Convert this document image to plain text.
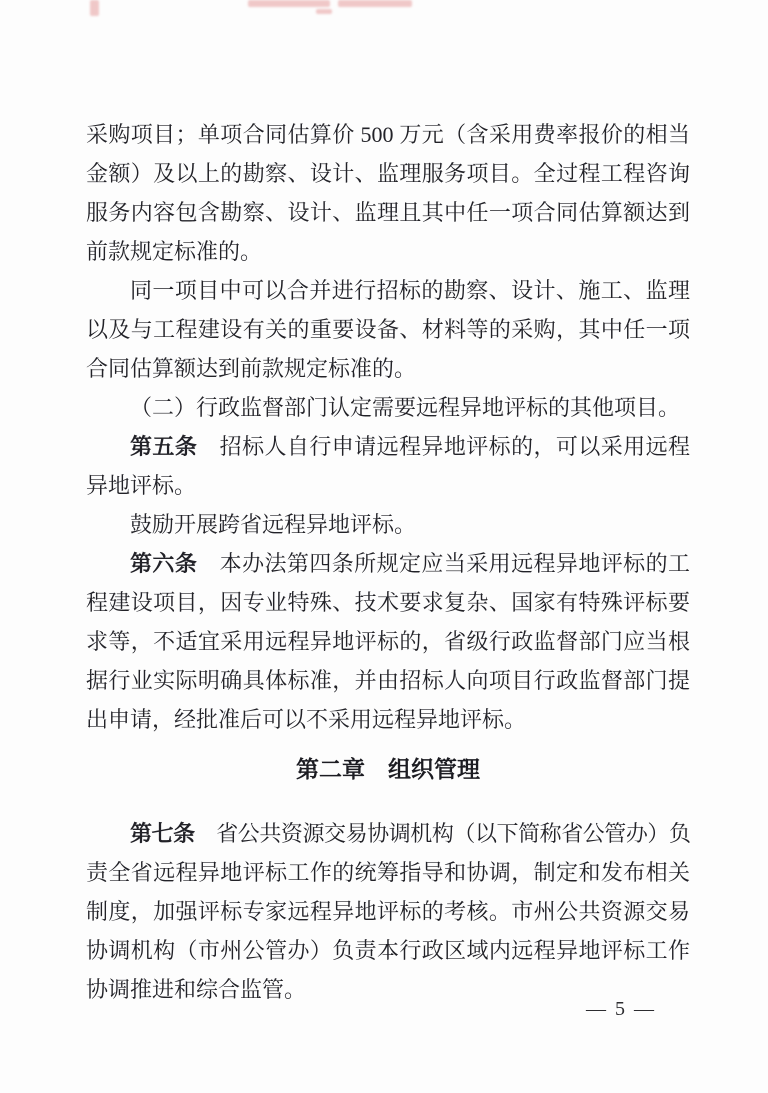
采购项目；单项合同估算价 500 万元（含采用费率报价的相当
金额）及以上的勘察、设计、监理服务项目。全过程工程咨询
服务内容包含勘察、设计、监理且其中任一项合同估算额达到
前款规定标准的。
同一项目中可以合并进行招标的勘察、设计、施工、监理
以及与工程建设有关的重要设备、材料等的采购，其中任一项
合同估算额达到前款规定标准的。
（二）行政监督部门认定需要远程异地评标的其他项目。
第五条　招标人自行申请远程异地评标的，可以采用远程
异地评标。
鼓励开展跨省远程异地评标。
第六条　本办法第四条所规定应当采用远程异地评标的工
程建设项目，因专业特殊、技术要求复杂、国家有特殊评标要
求等，不适宜采用远程异地评标的，省级行政监督部门应当根
据行业实际明确具体标准，并由招标人向项目行政监督部门提
出申请，经批准后可以不采用远程异地评标。
第二章　组织管理
第七条　省公共资源交易协调机构（以下简称省公管办）负
责全省远程异地评标工作的统筹指导和协调，制定和发布相关
制度，加强评标专家远程异地评标的考核。市州公共资源交易
协调机构（市州公管办）负责本行政区域内远程异地评标工作
协调推进和综合监管。
— 5 —
